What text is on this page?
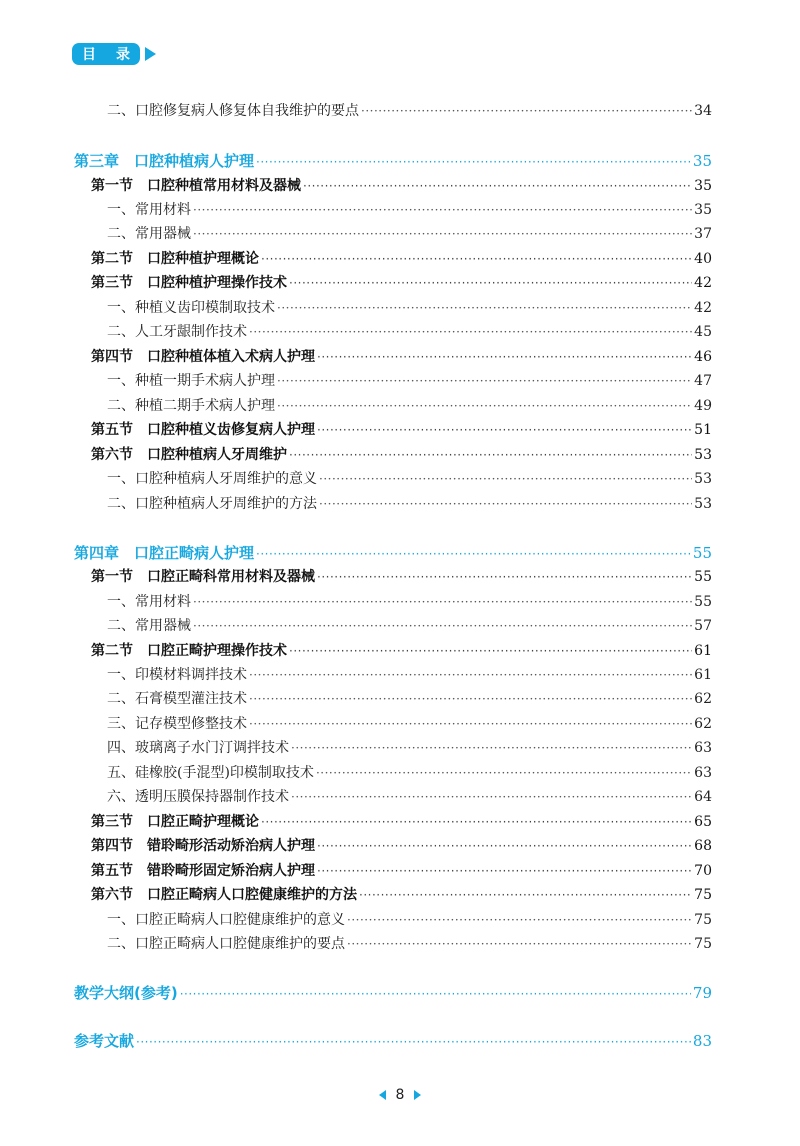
目 录
二、口腔修复病人修复体自我维护的要点 ·····	34
第三章　口腔种植病人护理 ·····	35
第一节　口腔种植常用材料及器械 ·····	35
一、常用材料 ·····	35
二、常用器械 ·····	37
第二节　口腔种植护理概论 ·····	40
第三节　口腔种植护理操作技术 ·····	42
一、种植义齿印模制取技术 ·····	42
二、人工牙龈制作技术 ·····	45
第四节　口腔种植体植入术病人护理 ·····	46
一、种植一期手术病人护理 ·····	47
二、种植二期手术病人护理 ·····	49
第五节　口腔种植义齿修复病人护理 ·····	51
第六节　口腔种植病人牙周维护 ·····	53
一、口腔种植病人牙周维护的意义 ·····	53
二、口腔种植病人牙周维护的方法 ·····	53
第四章　口腔正畸病人护理 ·····	55
第一节　口腔正畸科常用材料及器械 ·····	55
一、常用材料 ·····	55
二、常用器械 ·····	57
第二节　口腔正畸护理操作技术 ·····	61
一、印模材料调拌技术 ·····	61
二、石膏模型灌注技术 ·····	62
三、记存模型修整技术 ·····	62
四、玻璃离子水门汀调拌技术 ·····	63
五、硅橡胶(手混型)印模制取技术 ·····	63
六、透明压膜保持器制作技术 ·····	64
第三节　口腔正畸护理概论 ·····	65
第四节　错聆畸形活动矫治病人护理 ·····	68
第五节　错聆畸形固定矫治病人护理 ·····	70
第六节　口腔正畸病人口腔健康维护的方法 ·····	75
一、口腔正畸病人口腔健康维护的意义 ·····	75
二、口腔正畸病人口腔健康维护的要点 ·····	75
教学大纲(参考) ·····	79
参考文献 ·····	83
8
